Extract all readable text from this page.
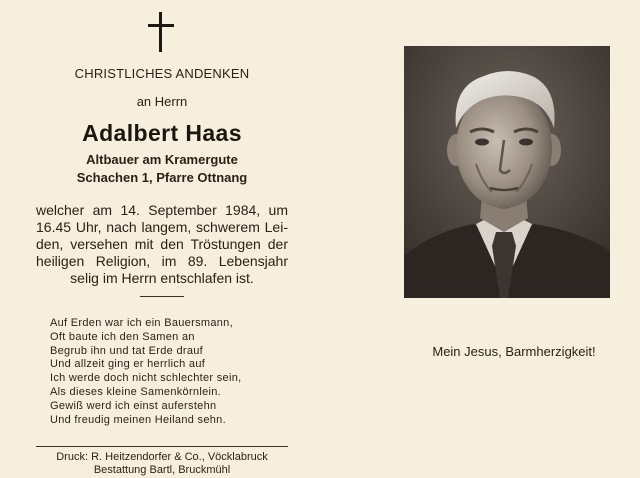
CHRISTLICHES ANDENKEN
an Herrn
Adalbert Haas
Altbauer am Kramergute
Schachen 1, Pfarre Ottnang
welcher am 14. September 1984, um
16.45 Uhr, nach langem, schwerem Lei-
den, versehen mit den Tröstungen der
heiligen Religion, im 89. Lebensjahr
selig im Herrn entschlafen ist.
Auf Erden war ich ein Bauersmann,
Oft baute ich den Samen an
Begrub ihn und tat Erde drauf
Und allzeit ging er herrlich auf
Ich werde doch nicht schlechter sein,
Als dieses kleine Samenkörnlein.
Gewiß werd ich einst auferstehn
Und freudig meinen Heiland sehn.
Druck: R. Heitzendorfer & Co., Vöcklabruck
Bestattung Bartl, Bruckmühl
Mein Jesus, Barmherzigkeit!
